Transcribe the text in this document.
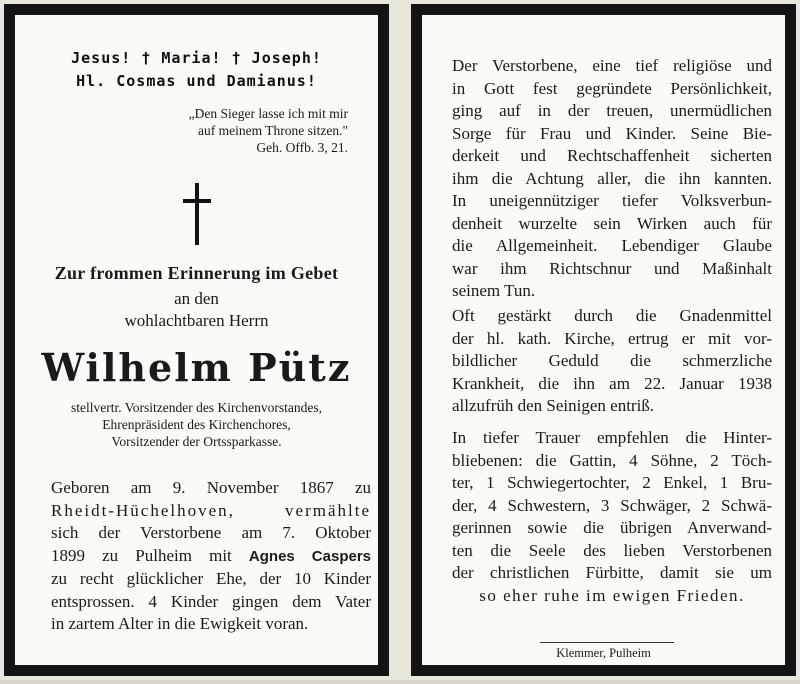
Jesus! † Maria! † Joseph!
Hl. Cosmas und Damianus!
„Den Sieger lasse ich mit mir
auf meinem Throne sitzen."
Geh. Offb. 3, 21.
Zur frommen Erinnerung im Gebet
an den
wohlachtbaren Herrn
Wilhelm Pütz
stellvertr. Vorsitzender des Kirchenvorstandes,
Ehrenpräsident des Kirchenchores,
Vorsitzender der Ortssparkasse.
Geboren am 9. November 1867 zu
Rheidt-Hüchelhoven, vermählte
sich der Verstorbene am 7. Oktober
1899 zu Pulheim mit Agnes Caspers
zu recht glücklicher Ehe, der 10 Kinder
entsprossen. 4 Kinder gingen dem Vater
in zartem Alter in die Ewigkeit voran.
Der Verstorbene, eine tief religiöse und
in Gott fest gegründete Persönlichkeit,
ging auf in der treuen, unermüdlichen
Sorge für Frau und Kinder. Seine Bie-
derkeit und Rechtschaffenheit sicherten
ihm die Achtung aller, die ihn kannten.
In uneigennütziger tiefer Volksverbun-
denheit wurzelte sein Wirken auch für
die Allgemeinheit. Lebendiger Glaube
war ihm Richtschnur und Maßinhalt
seinem Tun.
Oft gestärkt durch die Gnadenmittel
der hl. kath. Kirche, ertrug er mit vor-
bildlicher Geduld die schmerzliche
Krankheit, die ihn am 22. Januar 1938
allzufrüh den Seinigen entriß.
In tiefer Trauer empfehlen die Hinter-
bliebenen: die Gattin, 4 Söhne, 2 Töch-
ter, 1 Schwiegertochter, 2 Enkel, 1 Bru-
der, 4 Schwestern, 3 Schwäger, 2 Schwä-
gerinnen sowie die übrigen Anverwand-
ten die Seele des lieben Verstorbenen
der christlichen Fürbitte, damit sie um
so eher ruhe im ewigen Frieden.
Klemmer, Pulheim
